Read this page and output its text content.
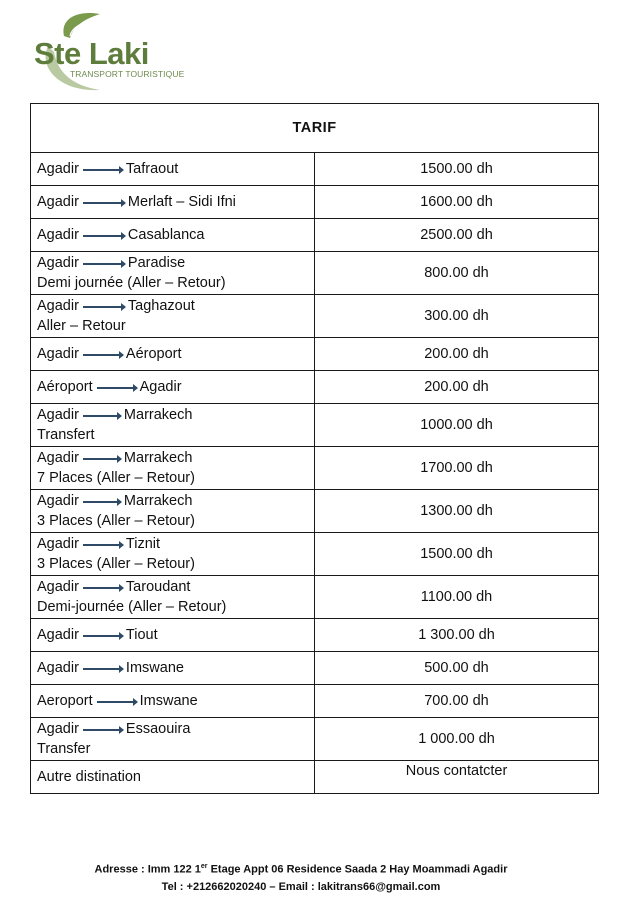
Ste Laki
TRANSPORT TOURISTIQUE
TARIF	

Agadir Tafraout	1500.00 dh

Agadir Merlaft – Sidi Ifni	1600.00 dh

Agadir Casablanca	2500.00 dh

Agadir Paradise
Demi journée (Aller – Retour)	800.00 dh

Agadir Taghazout
Aller – Retour	300.00 dh

Agadir Aéroport	200.00 dh

Aéroport Agadir	200.00 dh

Agadir Marrakech
Transfert	1000.00 dh

Agadir Marrakech
7 Places (Aller – Retour)	1700.00 dh

Agadir Marrakech
3 Places (Aller – Retour)	1300.00 dh

Agadir Tiznit
3 Places (Aller – Retour)	1500.00 dh

Agadir Taroudant
Demi-journée (Aller – Retour)	1100.00 dh

Agadir Tiout	1 300.00 dh

Agadir Imswane	500.00 dh

Aeroport Imswane	700.00 dh

Agadir Essaouira
Transfer	1 000.00 dh
Autre distination	Nous contatcter
Adresse : Imm 122 1er Etage Appt 06 Residence Saada 2 Hay Moammadi Agadir
Tel : +212662020240 – Email : lakitrans66@gmail.com
